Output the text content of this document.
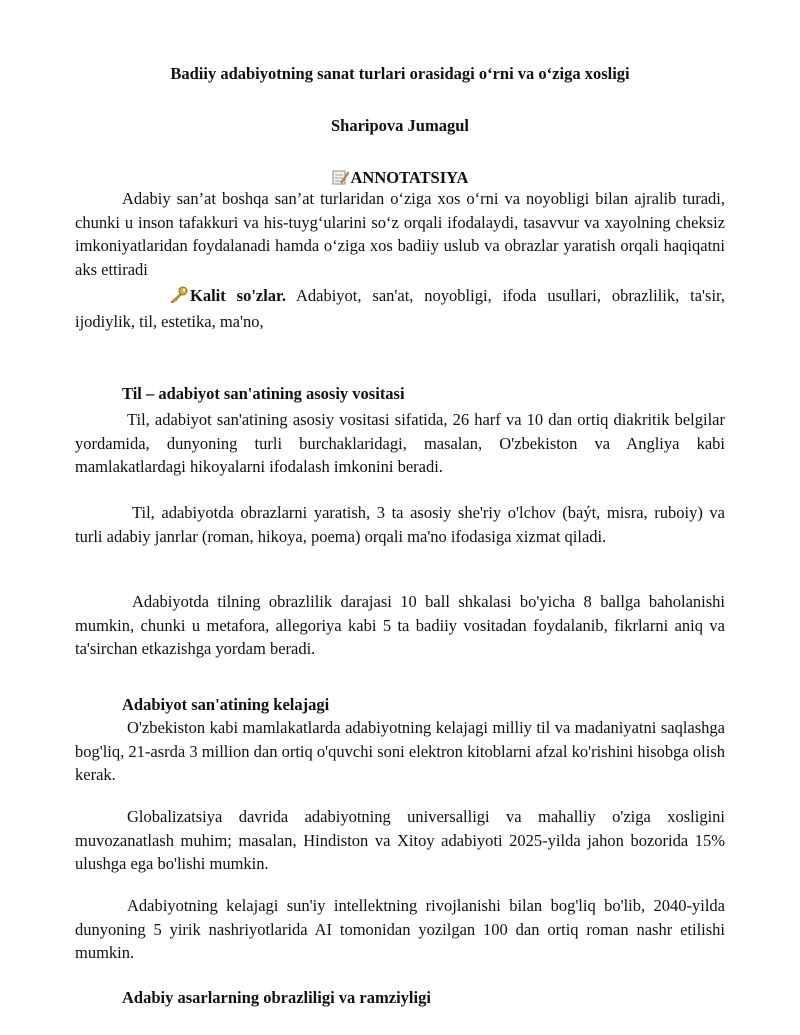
Badiiy adabiyotning sanat turlari orasidagi o‘rni va o‘ziga xosligi

Sharipova Jumagul

ANNOTATSIYA

Adabiy san’at boshqa san’at turlaridan o‘ziga xos o‘rni va noyobligi bilan ajralib turadi, chunki u inson tafakkuri va his-tuyg‘ularini so‘z orqali ifodalaydi, tasavvur va xayolning cheksiz imkoniyatlaridan foydalanadi hamda o‘ziga xos badiiy uslub va obrazlar yaratish orqali haqiqatni aks ettiradi

Kalit so'zlar. Adabiyot, san'at, noyobligi, ifoda usullari, obrazlilik, ta'sir, ijodiylik, til, estetika, ma'no,

Til – adabiyot san'atining asosiy vositasi

Til, adabiyot san'atining asosiy vositasi sifatida, 26 harf va 10 dan ortiq diakritik belgilar yordamida, dunyoning turli burchaklaridagi, masalan, O'zbekiston va Angliya kabi mamlakatlardagi hikoyalarni ifodalash imkonini beradi.

Til, adabiyotda obrazlarni yaratish, 3 ta asosiy she'riy o'lchov (baýt, misra, ruboiy) va turli adabiy janrlar (roman, hikoya, poema) orqali ma'no ifodasiga xizmat qiladi.

Adabiyotda tilning obrazlilik darajasi 10 ball shkalasi bo'yicha 8 ballga baholanishi mumkin, chunki u metafora, allegoriya kabi 5 ta badiiy vositadan foydalanib, fikrlarni aniq va ta'sirchan etkazishga yordam beradi.

Adabiyot san'atining kelajagi

O'zbekiston kabi mamlakatlarda adabiyotning kelajagi milliy til va madaniyatni saqlashga bog'liq, 21-asrda 3 million dan ortiq o'quvchi soni elektron kitoblarni afzal ko'rishini hisobga olish kerak.

Globalizatsiya davrida adabiyotning universalligi va mahalliy o'ziga xosligini muvozanatlash muhim; masalan, Hindiston va Xitoy adabiyoti 2025-yilda jahon bozorida 15% ulushga ega bo'lishi mumkin.

Adabiyotning kelajagi sun'iy intellektning rivojlanishi bilan bog'liq bo'lib, 2040-yilda dunyoning 5 yirik nashriyotlarida AI tomonidan yozilgan 100 dan ortiq roman nashr etilishi mumkin.

Adabiy asarlarning obrazliligi va ramziyligi
